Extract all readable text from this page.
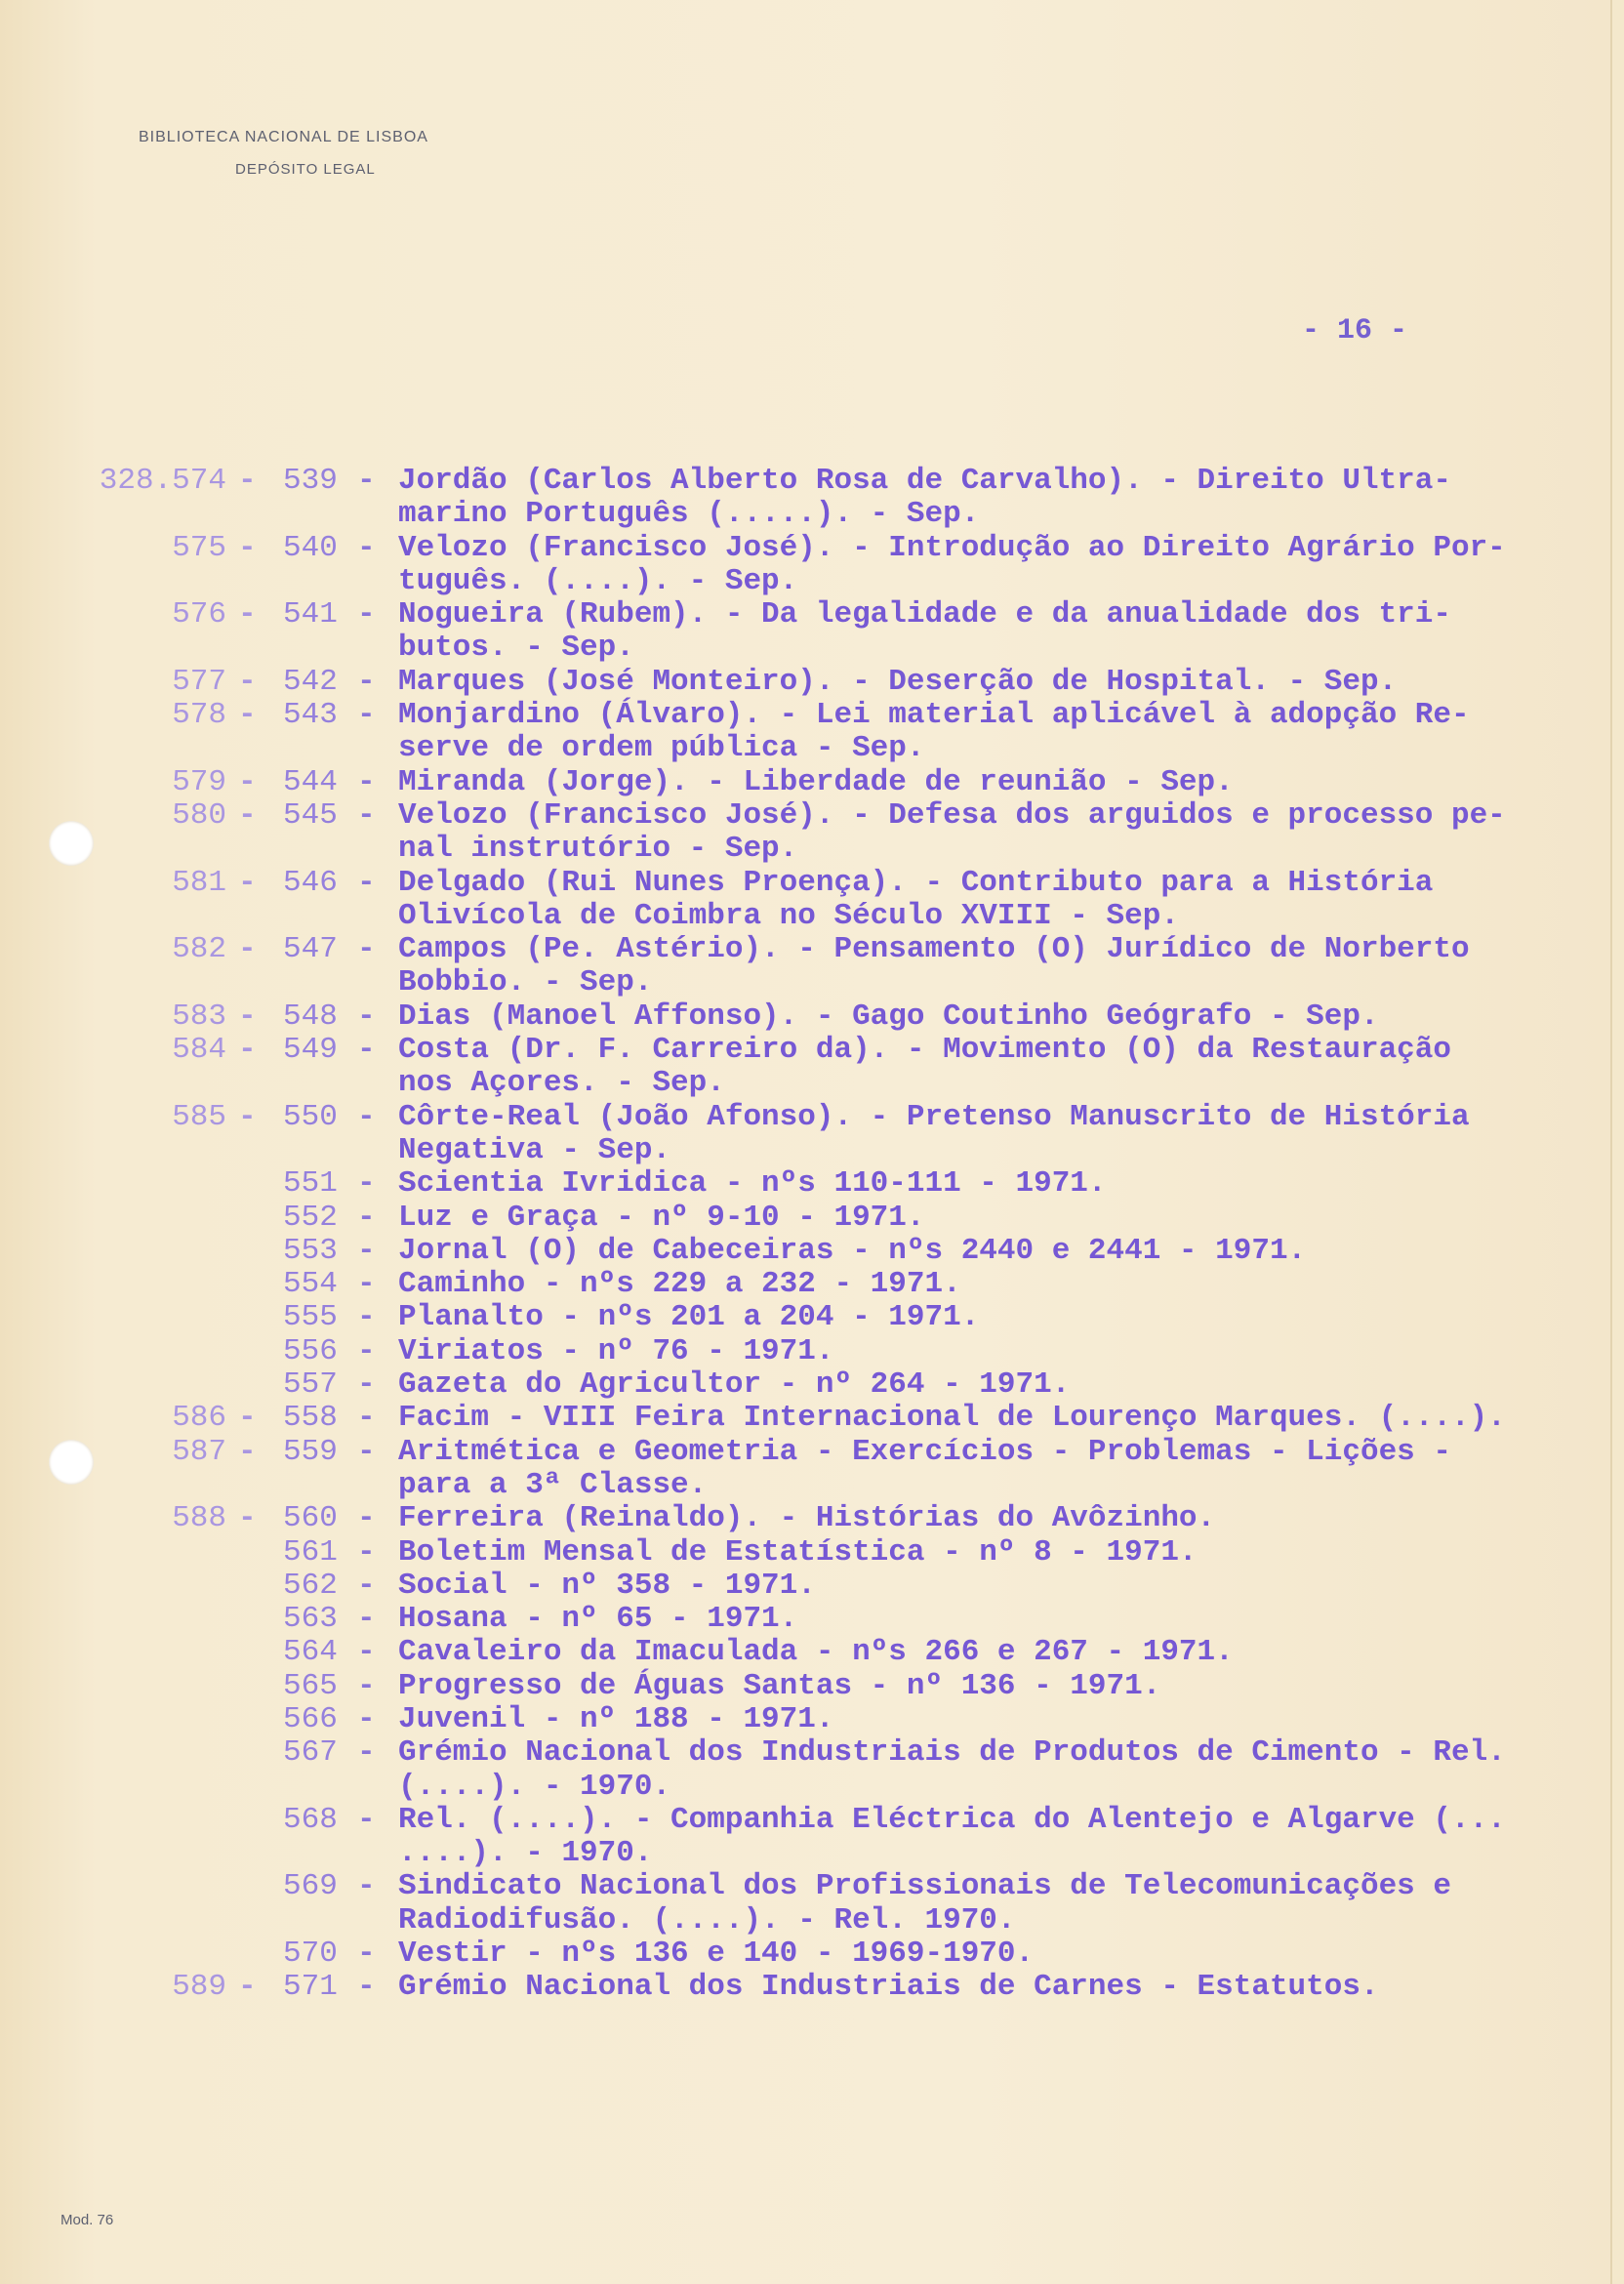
BIBLIOTECA NACIONAL DE LISBOA
DEPÓSITO LEGAL
- 16 -
328.574 - 539 - Jordão (Carlos Alberto Rosa de Carvalho). - Direito Ultra-
marino Português (.....). - Sep.
575 - 540 - Velozo (Francisco José). - Introdução ao Direito Agrário Por-
tuguês. (....). - Sep.
576 - 541 - Nogueira (Rubem). - Da legalidade e da anualidade dos tri-
butos. - Sep.
577 - 542 - Marques (José Monteiro). - Deserção de Hospital. - Sep.
578 - 543 - Monjardino (Álvaro). - Lei material aplicável à adopção Re-
serve de ordem pública - Sep.
579 - 544 - Miranda (Jorge). - Liberdade de reunião - Sep.
580 - 545 - Velozo (Francisco José). - Defesa dos arguidos e processo pe-
nal instrutório - Sep.
581 - 546 - Delgado (Rui Nunes Proença). - Contributo para a História
Olivícola de Coimbra no Século XVIII - Sep.
582 - 547 - Campos (Pe. Astério). - Pensamento (O) Jurídico de Norberto
Bobbio. - Sep.
583 - 548 - Dias (Manoel Affonso). - Gago Coutinho Geógrafo - Sep.
584 - 549 - Costa (Dr. F. Carreiro da). - Movimento (O) da Restauração
nos Açores. - Sep.
585 - 550 - Côrte-Real (João Afonso). - Pretenso Manuscrito de História
Negativa - Sep.
551 - Scientia Ivridica - nºs 110-111 - 1971.
552 - Luz e Graça - nº 9-10 - 1971.
553 - Jornal (O) de Cabeceiras - nºs 2440 e 2441 - 1971.
554 - Caminho - nºs 229 a 232 - 1971.
555 - Planalto - nºs 201 a 204 - 1971.
556 - Viriatos - nº 76 - 1971.
557 - Gazeta do Agricultor - nº 264 - 1971.
586 - 558 - Facim - VIII Feira Internacional de Lourenço Marques. (....).
587 - 559 - Aritmética e Geometria - Exercícios - Problemas - Lições -
para a 3ª Classe.
588 - 560 - Ferreira (Reinaldo). - Histórias do Avôzinho.
561 - Boletim Mensal de Estatística - nº 8 - 1971.
562 - Social - nº 358 - 1971.
563 - Hosana - nº 65 - 1971.
564 - Cavaleiro da Imaculada - nºs 266 e 267 - 1971.
565 - Progresso de Águas Santas - nº 136 - 1971.
566 - Juvenil - nº 188 - 1971.
567 - Grémio Nacional dos Industriais de Produtos de Cimento - Rel.
(....). - 1970.
568 - Rel. (....). - Companhia Eléctrica do Alentejo e Algarve (...
....). - 1970.
569 - Sindicato Nacional dos Profissionais de Telecomunicações e
Radiodifusão. (....). - Rel. 1970.
570 - Vestir - nºs 136 e 140 - 1969-1970.
589 - 571 - Grémio Nacional dos Industriais de Carnes - Estatutos.
Mod. 76
